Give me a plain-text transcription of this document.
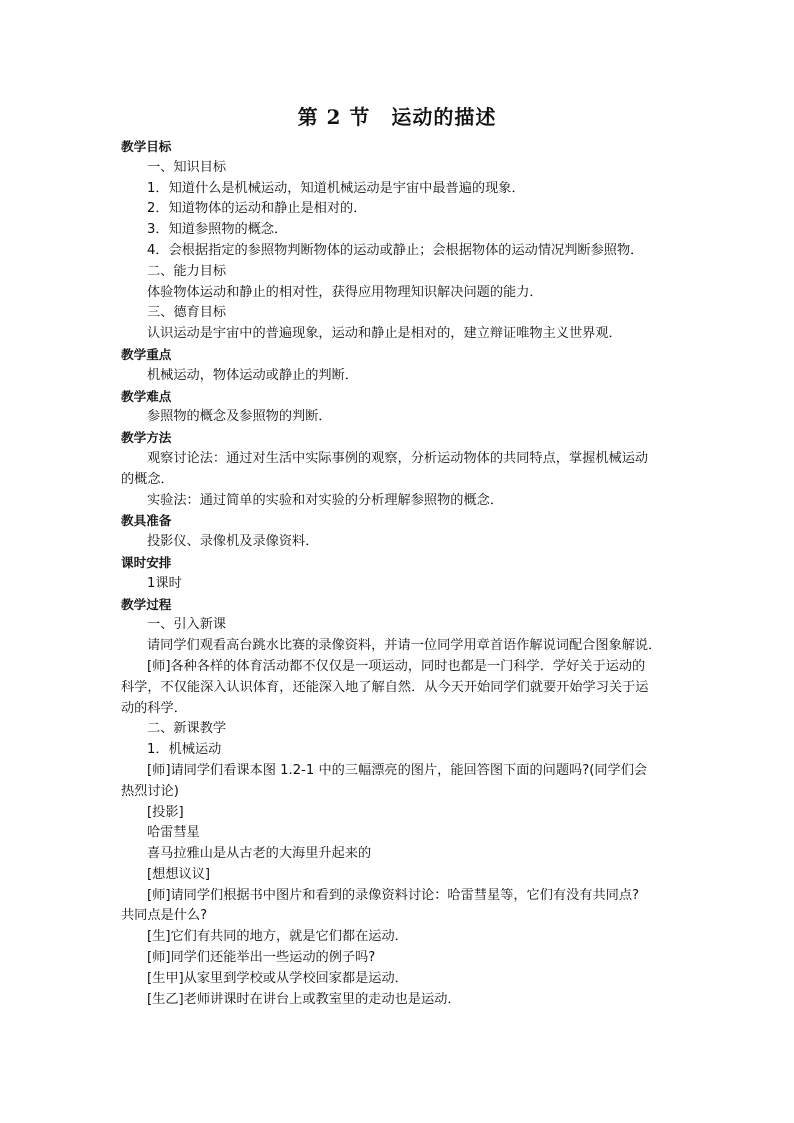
第 2 节　运动的描述
教学目标
一、知识目标
1．知道什么是机械运动，知道机械运动是宇宙中最普遍的现象．
2．知道物体的运动和静止是相对的．
3．知道参照物的概念．
4．会根据指定的参照物判断物体的运动或静止；会根据物体的运动情况判断参照物．
二、能力目标
体验物体运动和静止的相对性，获得应用物理知识解决问题的能力．
三、德育目标
认识运动是宇宙中的普遍现象，运动和静止是相对的，建立辩证唯物主义世界观．
教学重点
机械运动，物体运动或静止的判断．
教学难点
参照物的概念及参照物的判断．
教学方法
观察讨论法：通过对生活中实际事例的观察，分析运动物体的共同特点，掌握机械运动
的概念．
实验法：通过简单的实验和对实验的分析理解参照物的概念．
教具准备
投影仪、录像机及录像资料．
课时安排
1课时
教学过程
一、引入新课
请同学们观看高台跳水比赛的录像资料，并请一位同学用章首语作解说词配合图象解说．
[师]各种各样的体育活动都不仅仅是一项运动，同时也都是一门科学．学好关于运动的
科学，不仅能深入认识体育，还能深入地了解自然．从今天开始同学们就要开始学习关于运
动的科学．
二、新课教学
1．机械运动
[师]请同学们看课本图 1.2-1 中的三幅漂亮的图片，能回答图下面的问题吗?(同学们会
热烈讨论)
[投影]
哈雷彗星
喜马拉雅山是从古老的大海里升起来的
[想想议议]
[师]请同学们根据书中图片和看到的录像资料讨论：哈雷彗星等，它们有没有共同点?
共同点是什么?
[生]它们有共同的地方，就是它们都在运动．
[师]同学们还能举出一些运动的例子吗?
[生甲]从家里到学校或从学校回家都是运动．
[生乙]老师讲课时在讲台上或教室里的走动也是运动．
